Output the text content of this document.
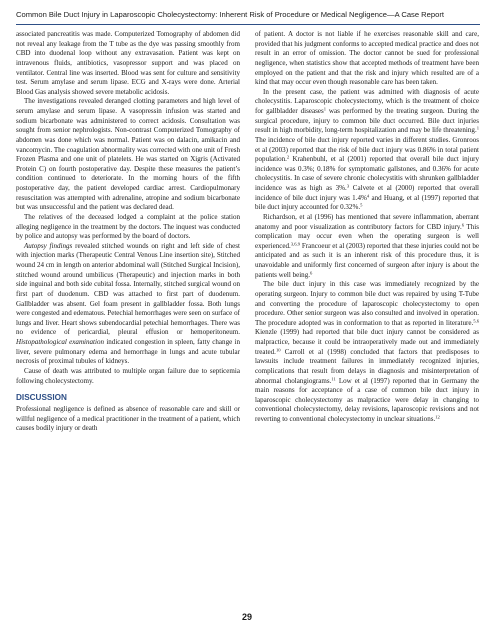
Common Bile Duct Injury in Laparoscopic Cholecystectomy: Inherent Risk of Procedure or Medical Negligence—A Case Report

associated pancreatitis was made. Computerized Tomography of abdomen did not reveal any leakage from the T tube as the dye was passing smoothly from CBD into duodenal loop without any extravasation. Patient was kept on intravenous fluids, antibiotics, vasopressor support and was placed on ventilator. Central line was inserted. Blood was sent for culture and sensitivity test. Serum amylase and serum lipase. ECG and X-rays were done. Arterial Blood Gas analysis showed severe metabolic acidosis.

The investigations revealed deranged clotting parameters and high level of serum amylase and serum lipase. A vasopressin infusion was started and sodium bicarbonate was administered to correct acidosis. Consultation was sought from senior nephrologists. Non-contrast Computerized Tomography of abdomen was done which was normal. Patient was on dalacin, amikacin and vancomycin. The coagulation abnormality was corrected with one unit of Fresh Frozen Plasma and one unit of platelets. He was started on Xigris (Activated Protein C) on fourth postoperative day. Despite these measures the patient’s condition continued to deteriorate. In the morning hours of the fifth postoperative day, the patient developed cardiac arrest. Cardiopulmonary resuscitation was attempted with adrenaline, atropine and sodium bicarbonate but was unsuccessful and the patient was declared dead.

The relatives of the deceased lodged a complaint at the police station alleging negligence in the treatment by the doctors. The inquest was conducted by police and autopsy was performed by the board of doctors.

Autopsy findings revealed stitched wounds on right and left side of chest with injection marks (Therapeutic Central Venous Line insertion site), Stitched wound 24 cm in length on anterior abdominal wall (Stitched Surgical Incision), stitched wound around umbilicus (Therapeutic) and injection marks in both side inguinal and both side cubital fossa. Internally, stitched surgical wound on first part of duodenum. CBD was attached to first part of duodenum. Gallbladder was absent. Gel foam present in gallbladder fossa. Both lungs were congested and edematous. Petechial hemorrhages were seen on surface of lungs and liver. Heart shows subendocardial petechial hemorrhages. There was no evidence of pericardial, pleural effusion or hemoperitoneum. Histopathological examination indicated congestion in spleen, fatty change in liver, severe pulmonary edema and hemorrhage in lungs and acute tubular necrosis of proximal tubules of kidneys.

Cause of death was attributed to multiple organ failure due to septicemia following cholecystectomy.

DISCUSSION

Professional negligence is defined as absence of reasonable care and skill or willful negligence of a medical practitioner in the treatment of a patient, which causes bodily injury or death

of patient. A doctor is not liable if he exercises reasonable skill and care, provided that his judgment conforms to accepted medical practice and does not result in an error of omission. The doctor cannot be sued for professional negligence, when statistics show that accepted methods of treatment have been employed on the patient and that the risk and injury which resulted are of a kind that may occur even though reasonable care has been taken.

In the present case, the patient was admitted with diagnosis of acute cholecystitis. Laparoscopic cholecystectomy, which is the treatment of choice for gallbladder diseases$^1$ was performed by the treating surgeon. During the surgical procedure, injury to common bile duct occurred. Bile duct injuries result in high morbidity, long-term hospitalization and may be life threatening.$^1$ The incidence of bile duct injury reported varies in different studies. Gronroos et al (2003) reported that the risk of bile duct injury was 0.86% in total patient population.$^2$ Krahenbuhl, et al (2001) reported that overall bile duct injury incidence was 0.3%; 0.18% for symptomatic gallstones, and 0.36% for acute cholecystitis. In case of severe chronic cholecystitis with shrunken gallbladder incidence was as high as 3%.$^3$ Calvete et al (2000) reported that overall incidence of bile duct injury was 1.4%$^4$ and Huang, et al (1997) reported that bile duct injury accounted for 0.32%.$^5$

Richardson, et al (1996) has mentioned that severe inflammation, aberrant anatomy and poor visualization as contributory factors for CBD injury.$^6$ This complication may occur even when the operating surgeon is well experienced.$^{3,6,9}$ Francoeur et al (2003) reported that these injuries could not be anticipated and as such it is an inherent risk of this procedure thus, it is unavoidable and uniformly first concerned of surgeon after injury is about the patients well being.$^6$

The bile duct injury in this case was immediately recognized by the operating surgeon. Injury to common bile duct was repaired by using T-Tube and converting the procedure of laparoscopic cholecystectomy to open procedure. Other senior surgeon was also consulted and involved in operation. The procedure adopted was in conformation to that as reported in literature.$^{5,6}$ Kienzle (1999) had reported that bile duct injury cannot be considered as malpractice, because it could be intraoperatively made out and immediately treated.$^{10}$ Carroll et al (1998) concluded that factors that predisposes to lawsuits include treatment failures in immediately recognized injuries, complications that result from delays in diagnosis and misinterpretation of abnormal cholangiograms.$^{11}$ Low et al (1997) reported that in Germany the main reasons for acceptance of a case of common bile duct injury in laparoscopic cholecystectomy as malpractice were delay in changing to conventional cholecystectomy, delay revisions, laparoscopic revisions and not reverting to conventional cholecystectomy in unclear situations.$^{12}$

29
